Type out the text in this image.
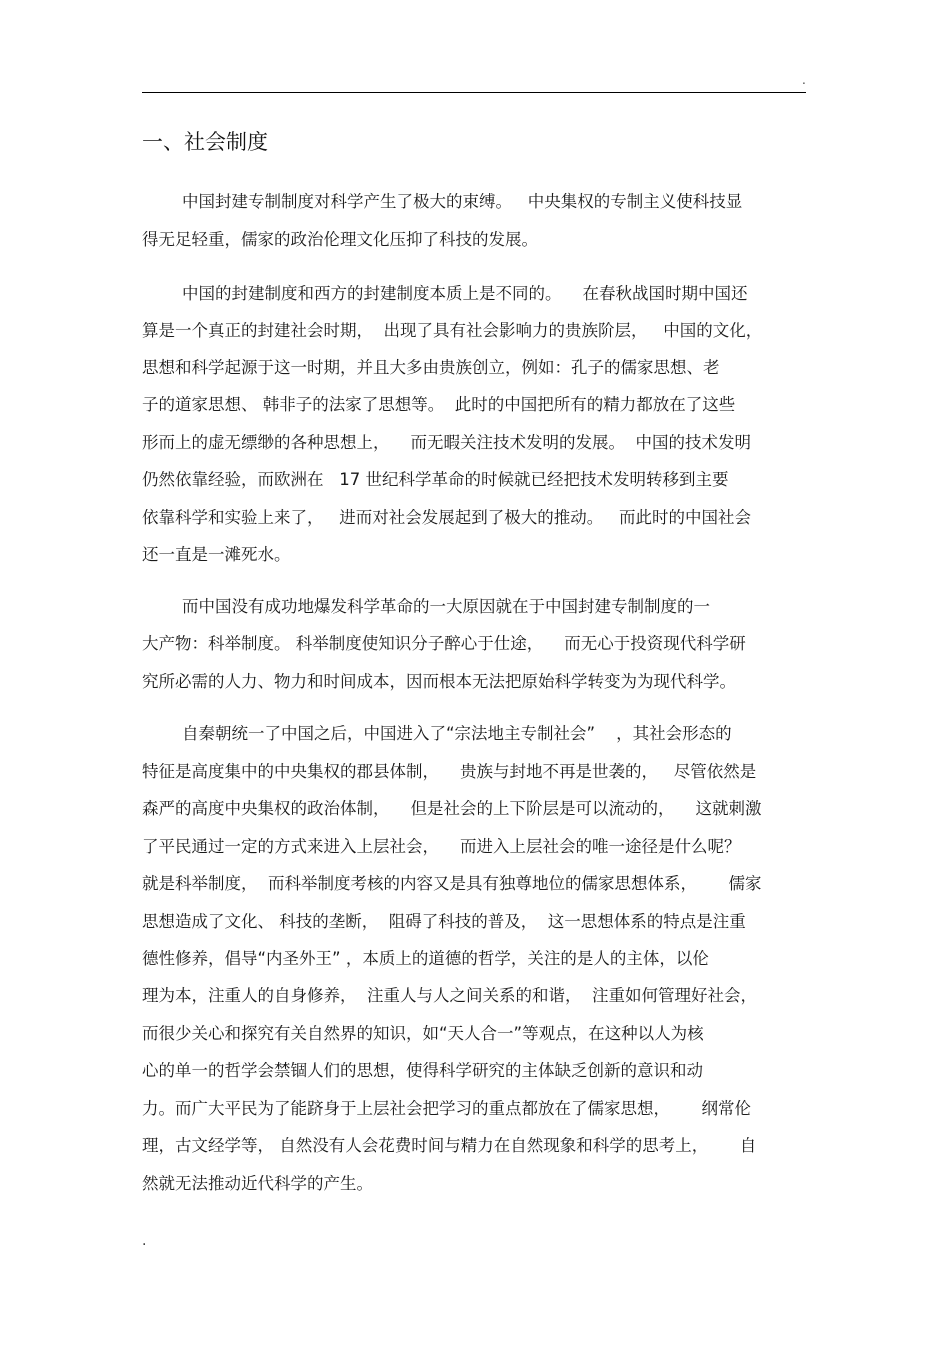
.
一、社会制度
中国封建专制制度对科学产生了极大的束缚。   中央集权的专制主义使科技显
得无足轻重，儒家的政治伦理文化压抑了科技的发展。
中国的封建制度和西方的封建制度本质上是不同的。    在春秋战国时期中国还
算是一个真正的封建社会时期，  出现了具有社会影响力的贵族阶层，   中国的文化，
思想和科学起源于这一时期，并且大多由贵族创立，例如：孔子的儒家思想、老
子的道家思想、 韩非子的法家了思想等。  此时的中国把所有的精力都放在了这些
形而上的虚无缥缈的各种思想上，    而无暇关注技术发明的发展。  中国的技术发明
仍然依靠经验，而欧洲在   17 世纪科学革命的时候就已经把技术发明转移到主要
依靠科学和实验上来了，   进而对社会发展起到了极大的推动。   而此时的中国社会
还一直是一滩死水。
而中国没有成功地爆发科学革命的一大原因就在于中国封建专制制度的一
大产物：科举制度。 科举制度使知识分子醉心于仕途，    而无心于投资现代科学研
究所必需的人力、物力和时间成本，因而根本无法把原始科学转变为为现代科学。
自秦朝统一了中国之后，中国进入了“宗法地主专制社会”    ，其社会形态的
特征是高度集中的中央集权的郡县体制，    贵族与封地不再是世袭的，   尽管依然是
森严的高度中央集权的政治体制，    但是社会的上下阶层是可以流动的，    这就刺激
了平民通过一定的方式来进入上层社会，    而进入上层社会的唯一途径是什么呢？
就是科举制度，  而科举制度考核的内容又是具有独尊地位的儒家思想体系，      儒家
思想造成了文化、 科技的垄断，  阻碍了科技的普及，  这一思想体系的特点是注重
德性修养，倡导“内圣外王” ，本质上的道德的哲学，关注的是人的主体，以伦
理为本，注重人的自身修养，  注重人与人之间关系的和谐，  注重如何管理好社会，
而很少关心和探究有关自然界的知识，如“天人合一”等观点，在这种以人为核
心的单一的哲学会禁锢人们的思想，使得科学研究的主体缺乏创新的意识和动
力。而广大平民为了能跻身于上层社会把学习的重点都放在了儒家思想，      纲常伦
理，古文经学等， 自然没有人会花费时间与精力在自然现象和科学的思考上，      自
然就无法推动近代科学的产生。
.
